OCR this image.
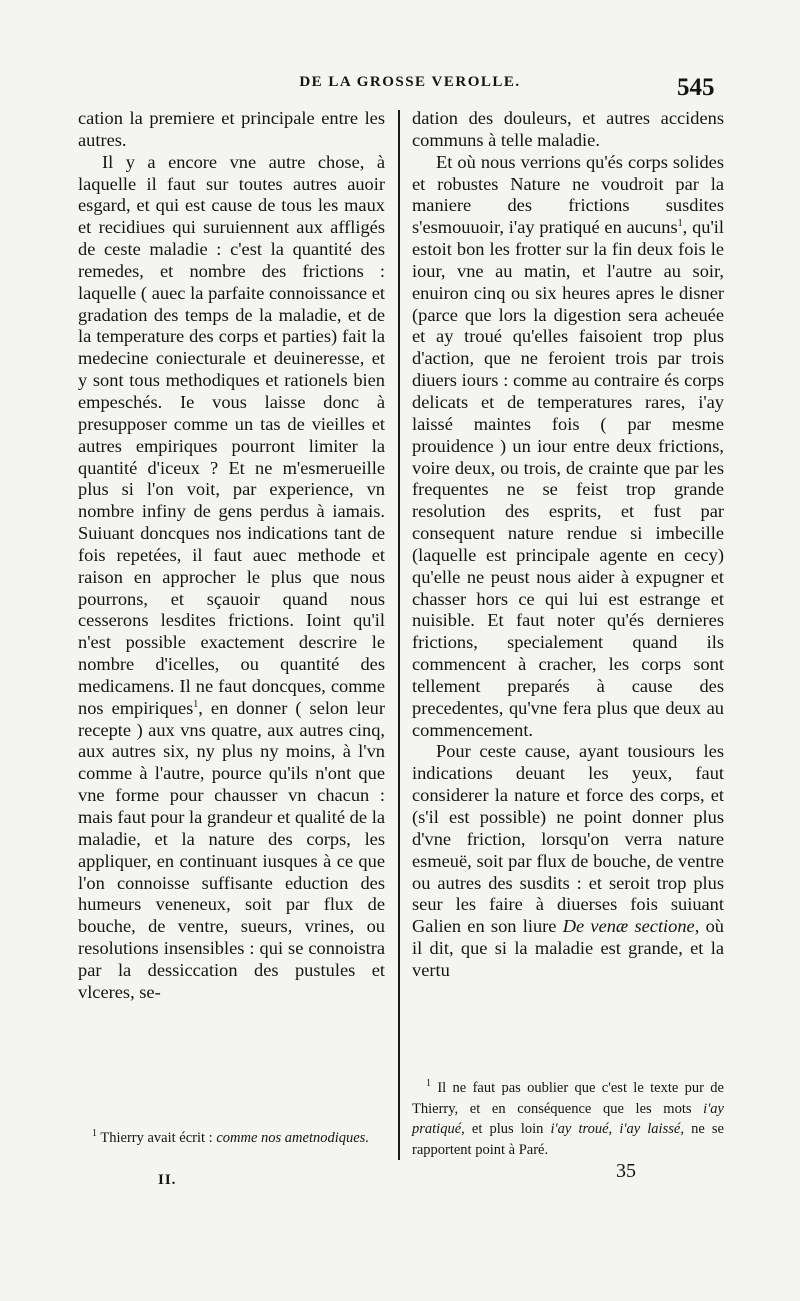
DE LA GROSSE VEROLLE.	545

cation la premiere et principale entre les autres.

Il y a encore vne autre chose, à laquelle il faut sur toutes autres auoir esgard, et qui est cause de tous les maux et recidiues qui suruiennent aux affligés de ceste maladie : c'est la quantité des remedes, et nombre des frictions : laquelle ( auec la parfaite connoissance et gradation des temps de la maladie, et de la temperature des corps et parties) fait la medecine coniecturale et deuineresse, et y sont tous methodiques et rationels bien empeschés. Ie vous laisse donc à presupposer comme un tas de vieilles et autres empiriques pourront limiter la quantité d'iceux ? Et ne m'esmerueille plus si l'on voit, par experience, vn nombre infiny de gens perdus à iamais. Suiuant doncques nos indications tant de fois repetées, il faut auec methode et raison en approcher le plus que nous pourrons, et sçauoir quand nous cesserons lesdites frictions. Ioint qu'il n'est possible exactement descrire le nombre d'icelles, ou quantité des medicamens. Il ne faut doncques, comme nos empiriques$^1$, en donner ( selon leur recepte ) aux vns quatre, aux autres cinq, aux autres six, ny plus ny moins, à l'vn comme à l'autre, pource qu'ils n'ont que vne forme pour chausser vn chacun : mais faut pour la grandeur et qualité de la maladie, et la nature des corps, les appliquer, en continuant iusques à ce que l'on connoisse suffisante eduction des humeurs veneneux, soit par flux de bouche, de ventre, sueurs, vrines, ou resolutions insensibles : qui se connoistra par la dessiccation des pustules et vlceres, se-

dation des douleurs, et autres accidens communs à telle maladie.

Et où nous verrions qu'és corps solides et robustes Nature ne voudroit par la maniere des frictions susdites s'esmouuoir, i'ay pratiqué en aucuns$^1$, qu'il estoit bon les frotter sur la fin deux fois le iour, vne au matin, et l'autre au soir, enuiron cinq ou six heures apres le disner (parce que lors la digestion sera acheuée et ay troué qu'elles faisoient trop plus d'action, que ne feroient trois par trois diuers iours : comme au contraire és corps delicats et de temperatures rares, i'ay laissé maintes fois ( par mesme prouidence ) un iour entre deux frictions, voire deux, ou trois, de crainte que par les frequentes ne se feist trop grande resolution des esprits, et fust par consequent nature rendue si imbecille (laquelle est principale agente en cecy) qu'elle ne peust nous aider à expugner et chasser hors ce qui lui est estrange et nuisible. Et faut noter qu'és dernieres frictions, specialement quand ils commencent à cracher, les corps sont tellement preparés à cause des precedentes, qu'vne fera plus que deux au commencement.

Pour ceste cause, ayant tousiours les indications deuant les yeux, faut considerer la nature et force des corps, et (s'il est possible) ne point donner plus d'vne friction, lorsqu'on verra nature esmeuë, soit par flux de bouche, de ventre ou autres des susdits : et seroit trop plus seur les faire à diuerses fois suiuant Galien en son liure De venæ sectione, où il dit, que si la maladie est grande, et la vertu

$^1$ Thierry avait écrit : comme nos ametnodiques.
$^1$ Il ne faut pas oublier que c'est le texte pur de Thierry, et en conséquence que les mots i'ay pratiqué, et plus loin i'ay troué, i'ay laissé, ne se rapportent point à Paré.
II.	35
